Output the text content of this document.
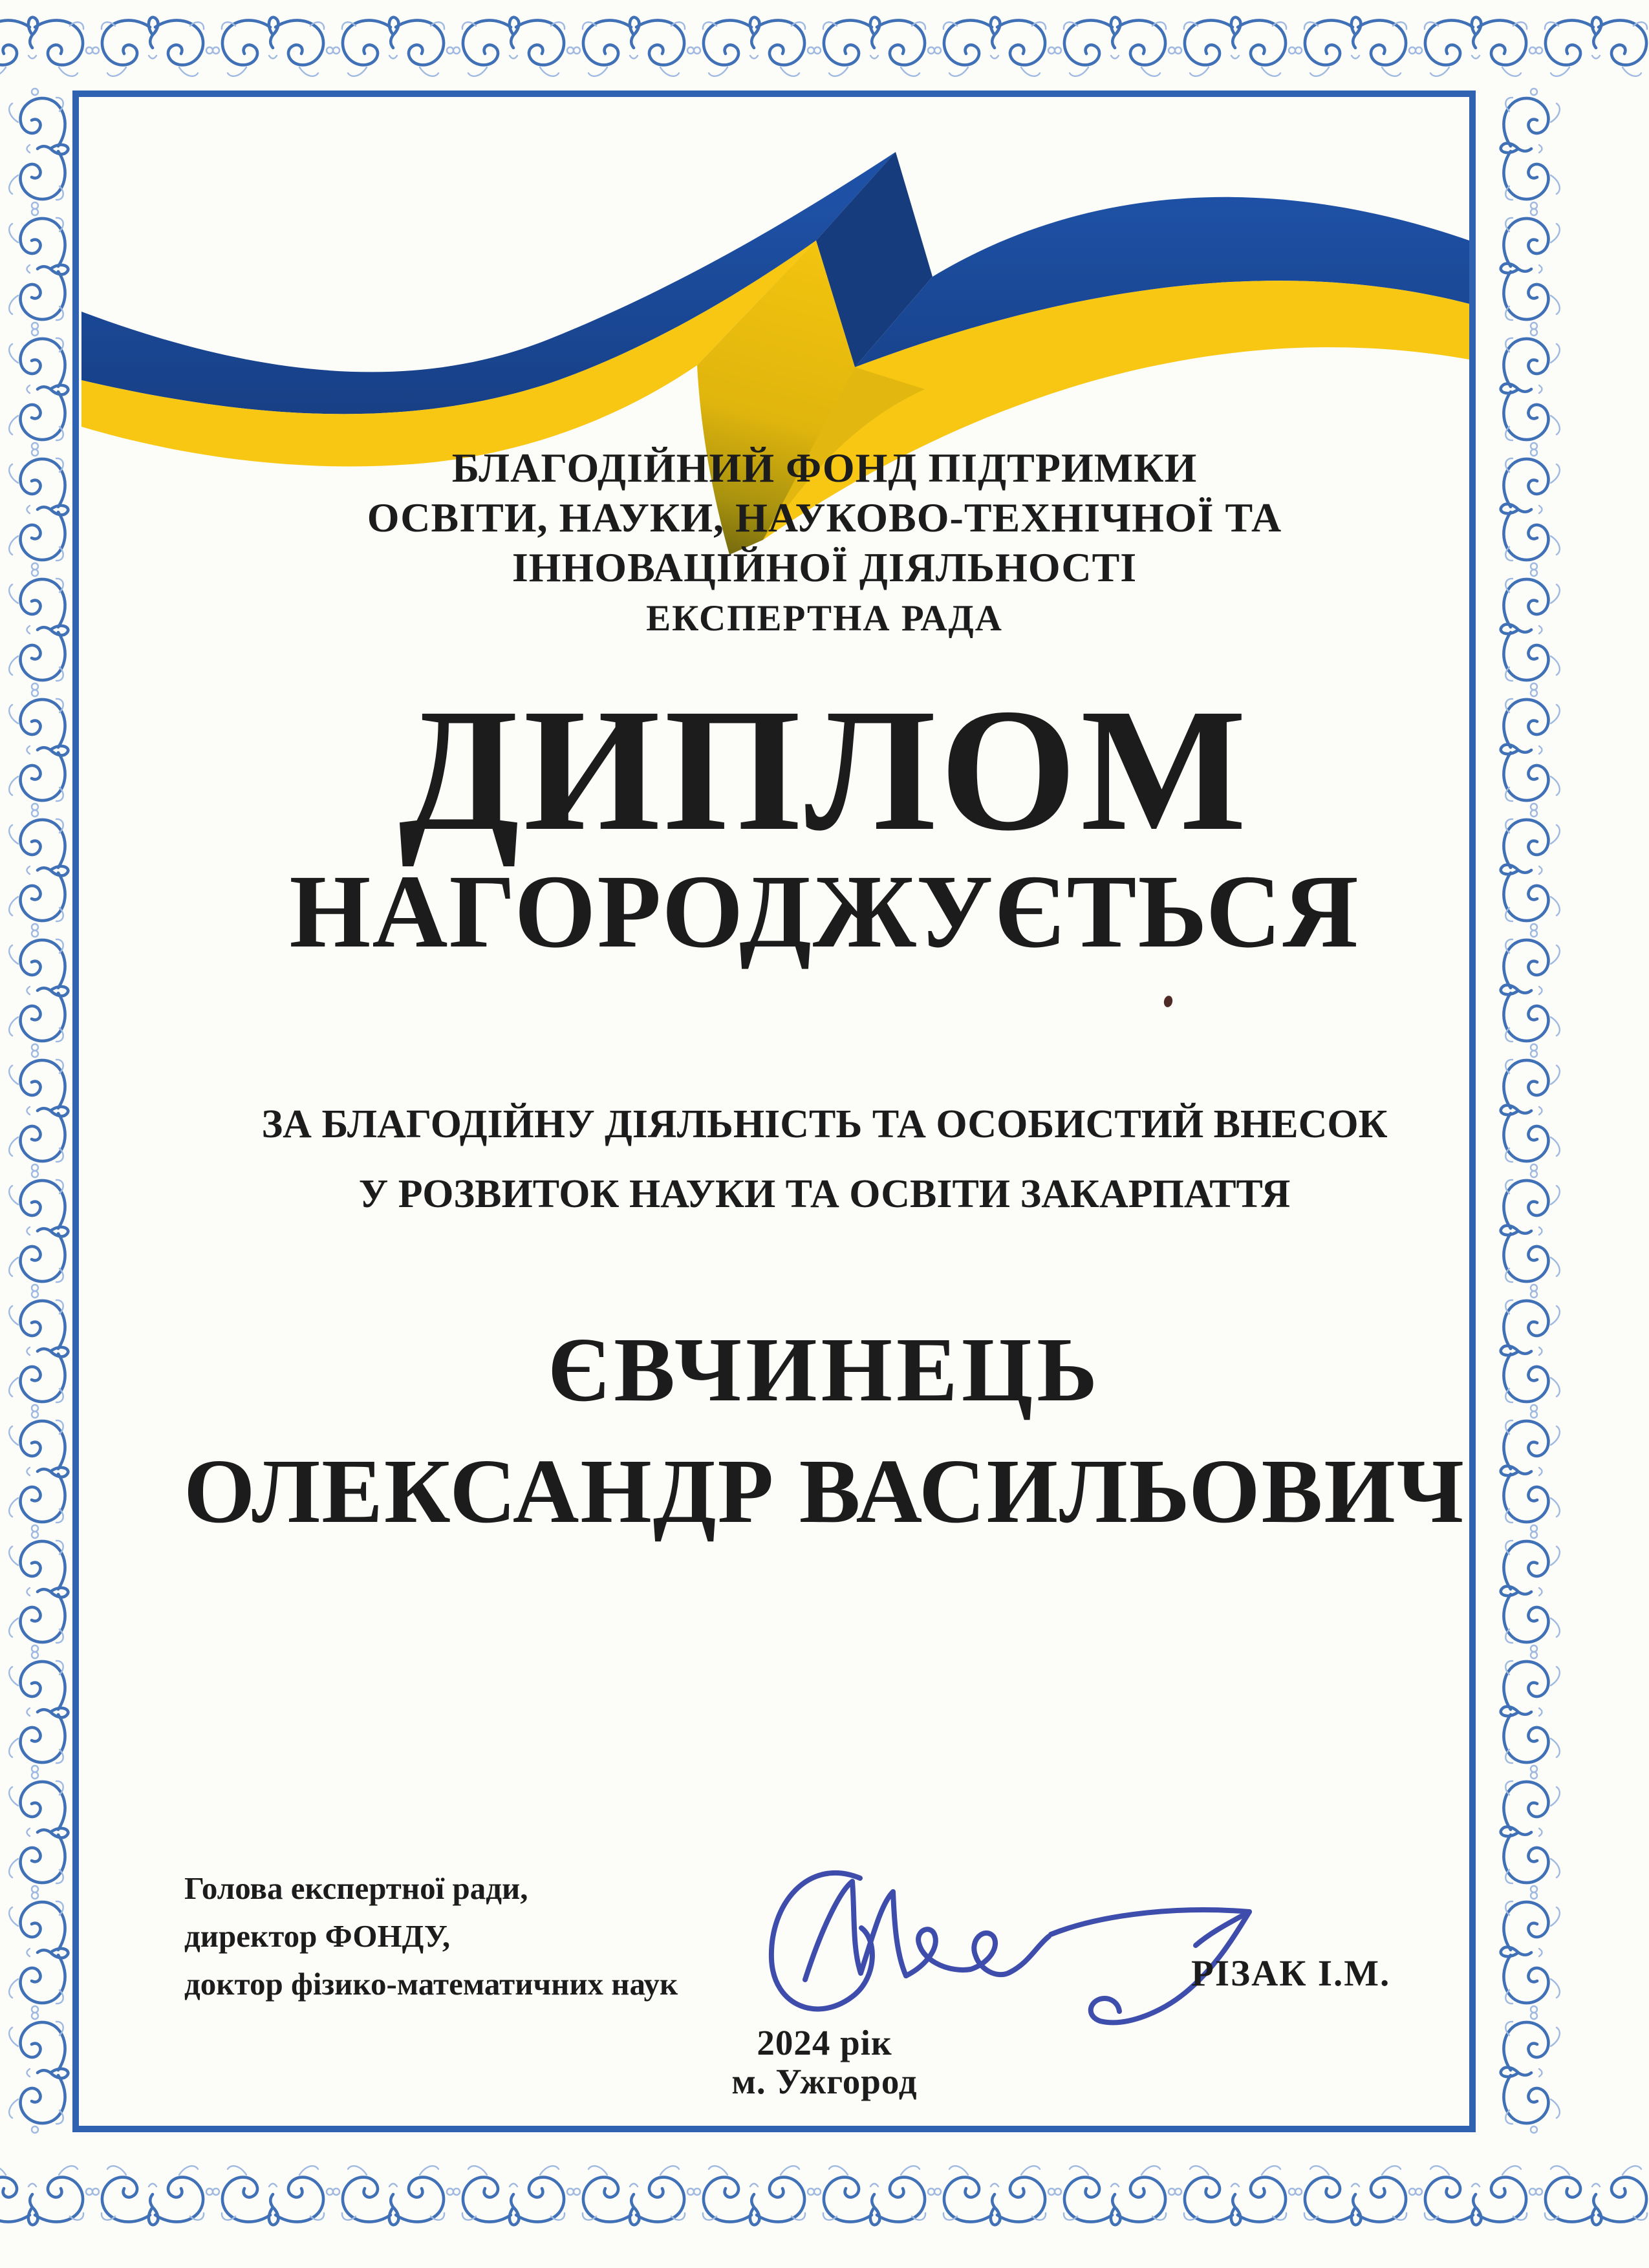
БЛАГОДІЙНИЙ ФОНД ПІДТРИМКИ
ОСВІТИ, НАУКИ, НАУКОВО-ТЕХНІЧНОЇ ТА
ІННОВАЦІЙНОЇ ДІЯЛЬНОСТІ
ЕКСПЕРТНА РАДА
ДИПЛОМ
НАГОРОДЖУЄТЬСЯ
ЗА БЛАГОДІЙНУ ДІЯЛЬНІСТЬ ТА ОСОБИСТИЙ ВНЕСОК
У РОЗВИТОК НАУКИ ТА ОСВІТИ ЗАКАРПАТТЯ
ЄВЧИНЕЦЬ
ОЛЕКСАНДР ВАСИЛЬОВИЧ
Голова експертної ради,
директор ФОНДУ,
доктор фізико-математичних наук	РІЗАК І.М.
2024 рік
м. Ужгород
